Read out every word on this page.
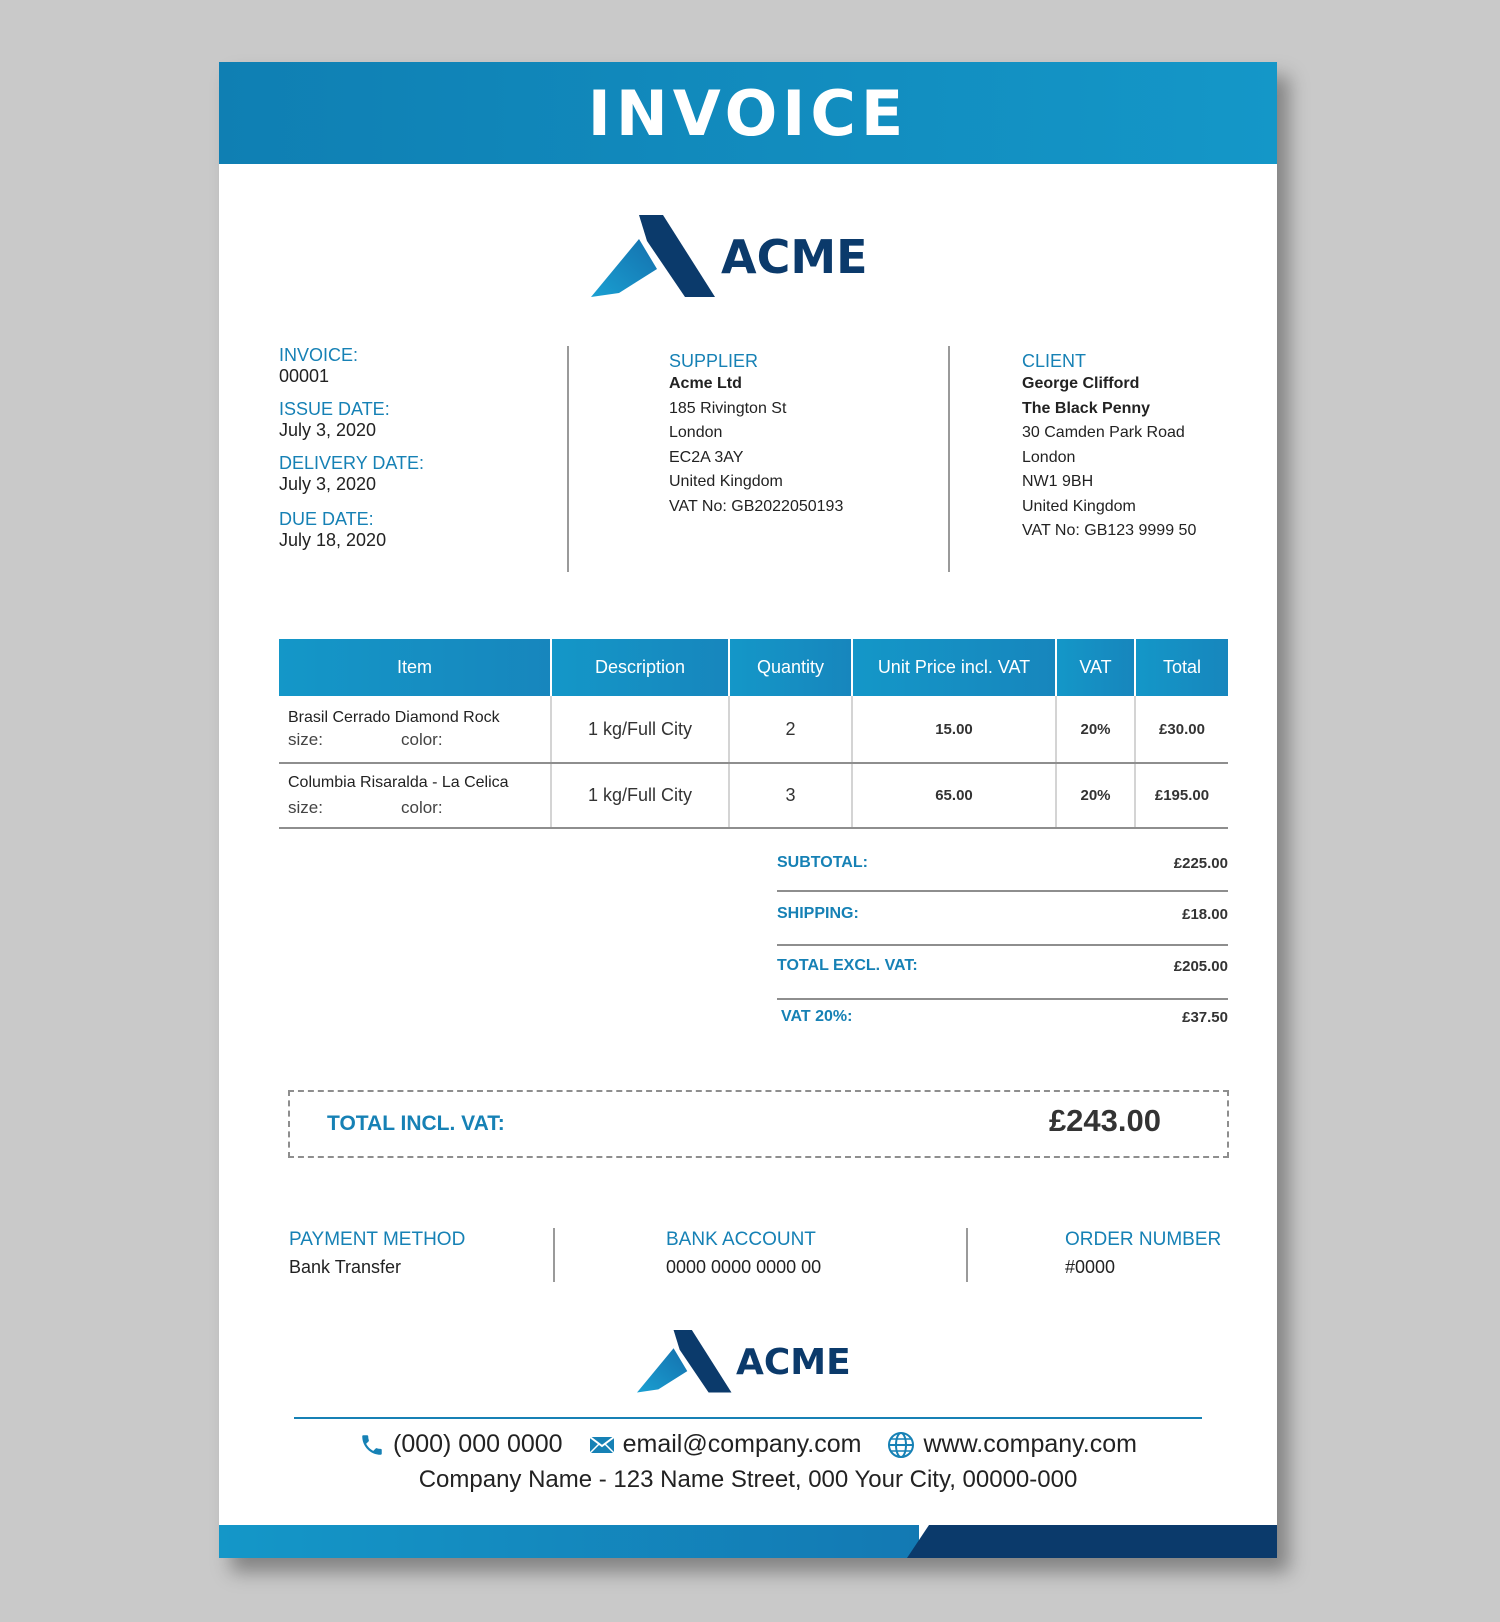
INVOICE
ACME
INVOICE:
00001
ISSUE DATE:
July 3, 2020
DELIVERY DATE:
July 3, 2020
DUE DATE:
July 18, 2020
SUPPLIER
Acme Ltd
185 Rivington St
London
EC2A 3AY
United Kingdom
VAT No: GB2022050193
CLIENT
George Clifford
The Black Penny
30 Camden Park Road
London
NW1 9BH
United Kingdom
VAT No: GB123 9999 50
Item	Description	Quantity	Unit Price incl. VAT	VAT	Total

Brasil Cerrado Diamond Rock
size: color:	1 kg/Full City	2	15.00	20%	£30.00

Columbia Risaralda - La Celica
size: color:	1 kg/Full City	3	65.00	20%	£195.00
SUBTOTAL:	£225.00
SHIPPING:	£18.00
TOTAL EXCL. VAT:	£205.00
VAT 20%:	£37.50
TOTAL INCL. VAT:	£243.00
PAYMENT METHOD
Bank Transfer
BANK ACCOUNT
0000 0000 0000 00
ORDER NUMBER
#0000
ACME
(000) 000 0000 email@company.com www.company.com
Company Name - 123 Name Street, 000 Your City, 00000-000
